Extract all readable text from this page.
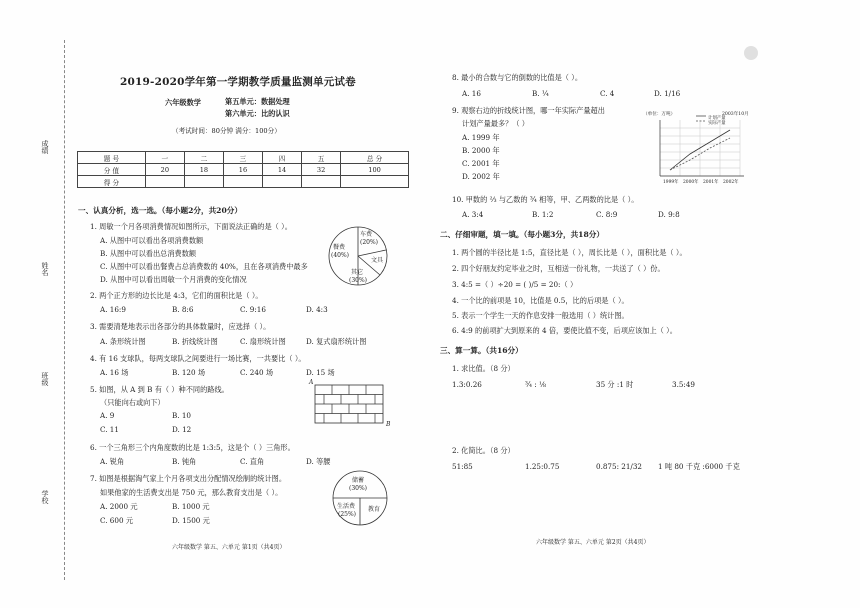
成绩
姓名
班级
学校
2019-2020学年第一学期教学质量监测单元试卷
六年级数学	第五单元：数据处理
第六单元：比的认识
（考试时间：80分钟 满分：100分）
题 号	一	二	三	四	五	总 分
分 值	20	18	16	14	32	100
得 分						
一、认真分析，选一选。（每小题2分，共20分）
1. 周敏一个月各项消费情况如图所示，下面说法正确的是（ ）。
A. 从图中可以看出各项消费数额
B. 从图中可以看出总消费数额
C. 从图中可以看出餐费占总消费数的 40%，且在各项消费中最多
D. 从图中可以看出周敏一个月消费的变化情况
车费
(20%)
餐费
(40%)
文具
其它
(30%)
2. 两个正方形的边长比是 4:3，它们的面积比是（ ）。
A. 16:9	B. 8:6	C. 9:16	D. 4:3
3. 需要清楚地表示出各部分的具体数量时，应选择（ ）。
A. 条形统计图	B. 折线统计图	C. 扇形统计图	D. 复式扇形统计图
4. 有 16 支球队，每两支球队之间要进行一场比赛，一共要比（ ）。
A. 16 场	B. 120 场	C. 240 场	D. 15 场
5. 如图，从 A 到 B 有（ ）种不同的路线。
（只能向右或向下）
A. 9	B. 10
C. 11	D. 12
A
B
6. 一个三角形三个内角度数的比是 1:3:5，这是个（ ）三角形。
A. 锐角	B. 钝角	C. 直角	D. 等腰
7. 如图是根据淘气家上个月各项支出分配情况绘制的统计图。
如果他家的生活费支出是 750 元，那么教育支出是（ ）。
A. 2000 元	B. 1000 元
C. 600 元	D. 1500 元
储蓄
(30%)
生活费
(25%)
教育
六年级数学 第五、六单元 第1页（共4页）
8. 最小的合数与它的倒数的比值是（ ）。
A. 16	B. ¼	C. 4	D. 1/16
9. 观察右边的折线统计图，哪一年实际产量超出
计划产量最多？（ ）
A. 1999 年
B. 2000 年
C. 2001 年
D. 2002 年
（单位：万吨）	2003年10月
计划产量
实际产量
1999年 2000年 2001年 2002年
10. 甲数的 ⅔ 与乙数的 ¾ 相等，甲、乙两数的比是（ ）。
A. 3:4	B. 1:2	C. 8:9	D. 9:8
二、仔细审题，填一填。（每小题3分，共18分）
1. 两个圆的半径比是 1:5，直径比是（ ），周长比是（ ），面积比是（ ）。
2. 四个好朋友约定毕业之时，互相送一份礼物，一共送了（ ）份。
3. 4:5 =（ ）÷20 = ( )/5 = 20:（ ）
4. 一个比的前项是 10，比值是 0.5，比的后项是（ ）。
5. 表示一个学生一天的作息安排一般选用（ ）统计图。
6. 4:9 的前项扩大到原来的 4 倍，要使比值不变，后项应该加上（ ）。
三、算一算。（共16分）
1. 求比值。（8 分）
1.3:0.26	¾ : ⅛	35 分 :1 时	3.5:49
2. 化简比。（8 分）
51:85	1.25:0.75	0.875: 21/32 1 吨 80 千克 :6000 千克
六年级数学 第五、六单元 第2页（共4页）
